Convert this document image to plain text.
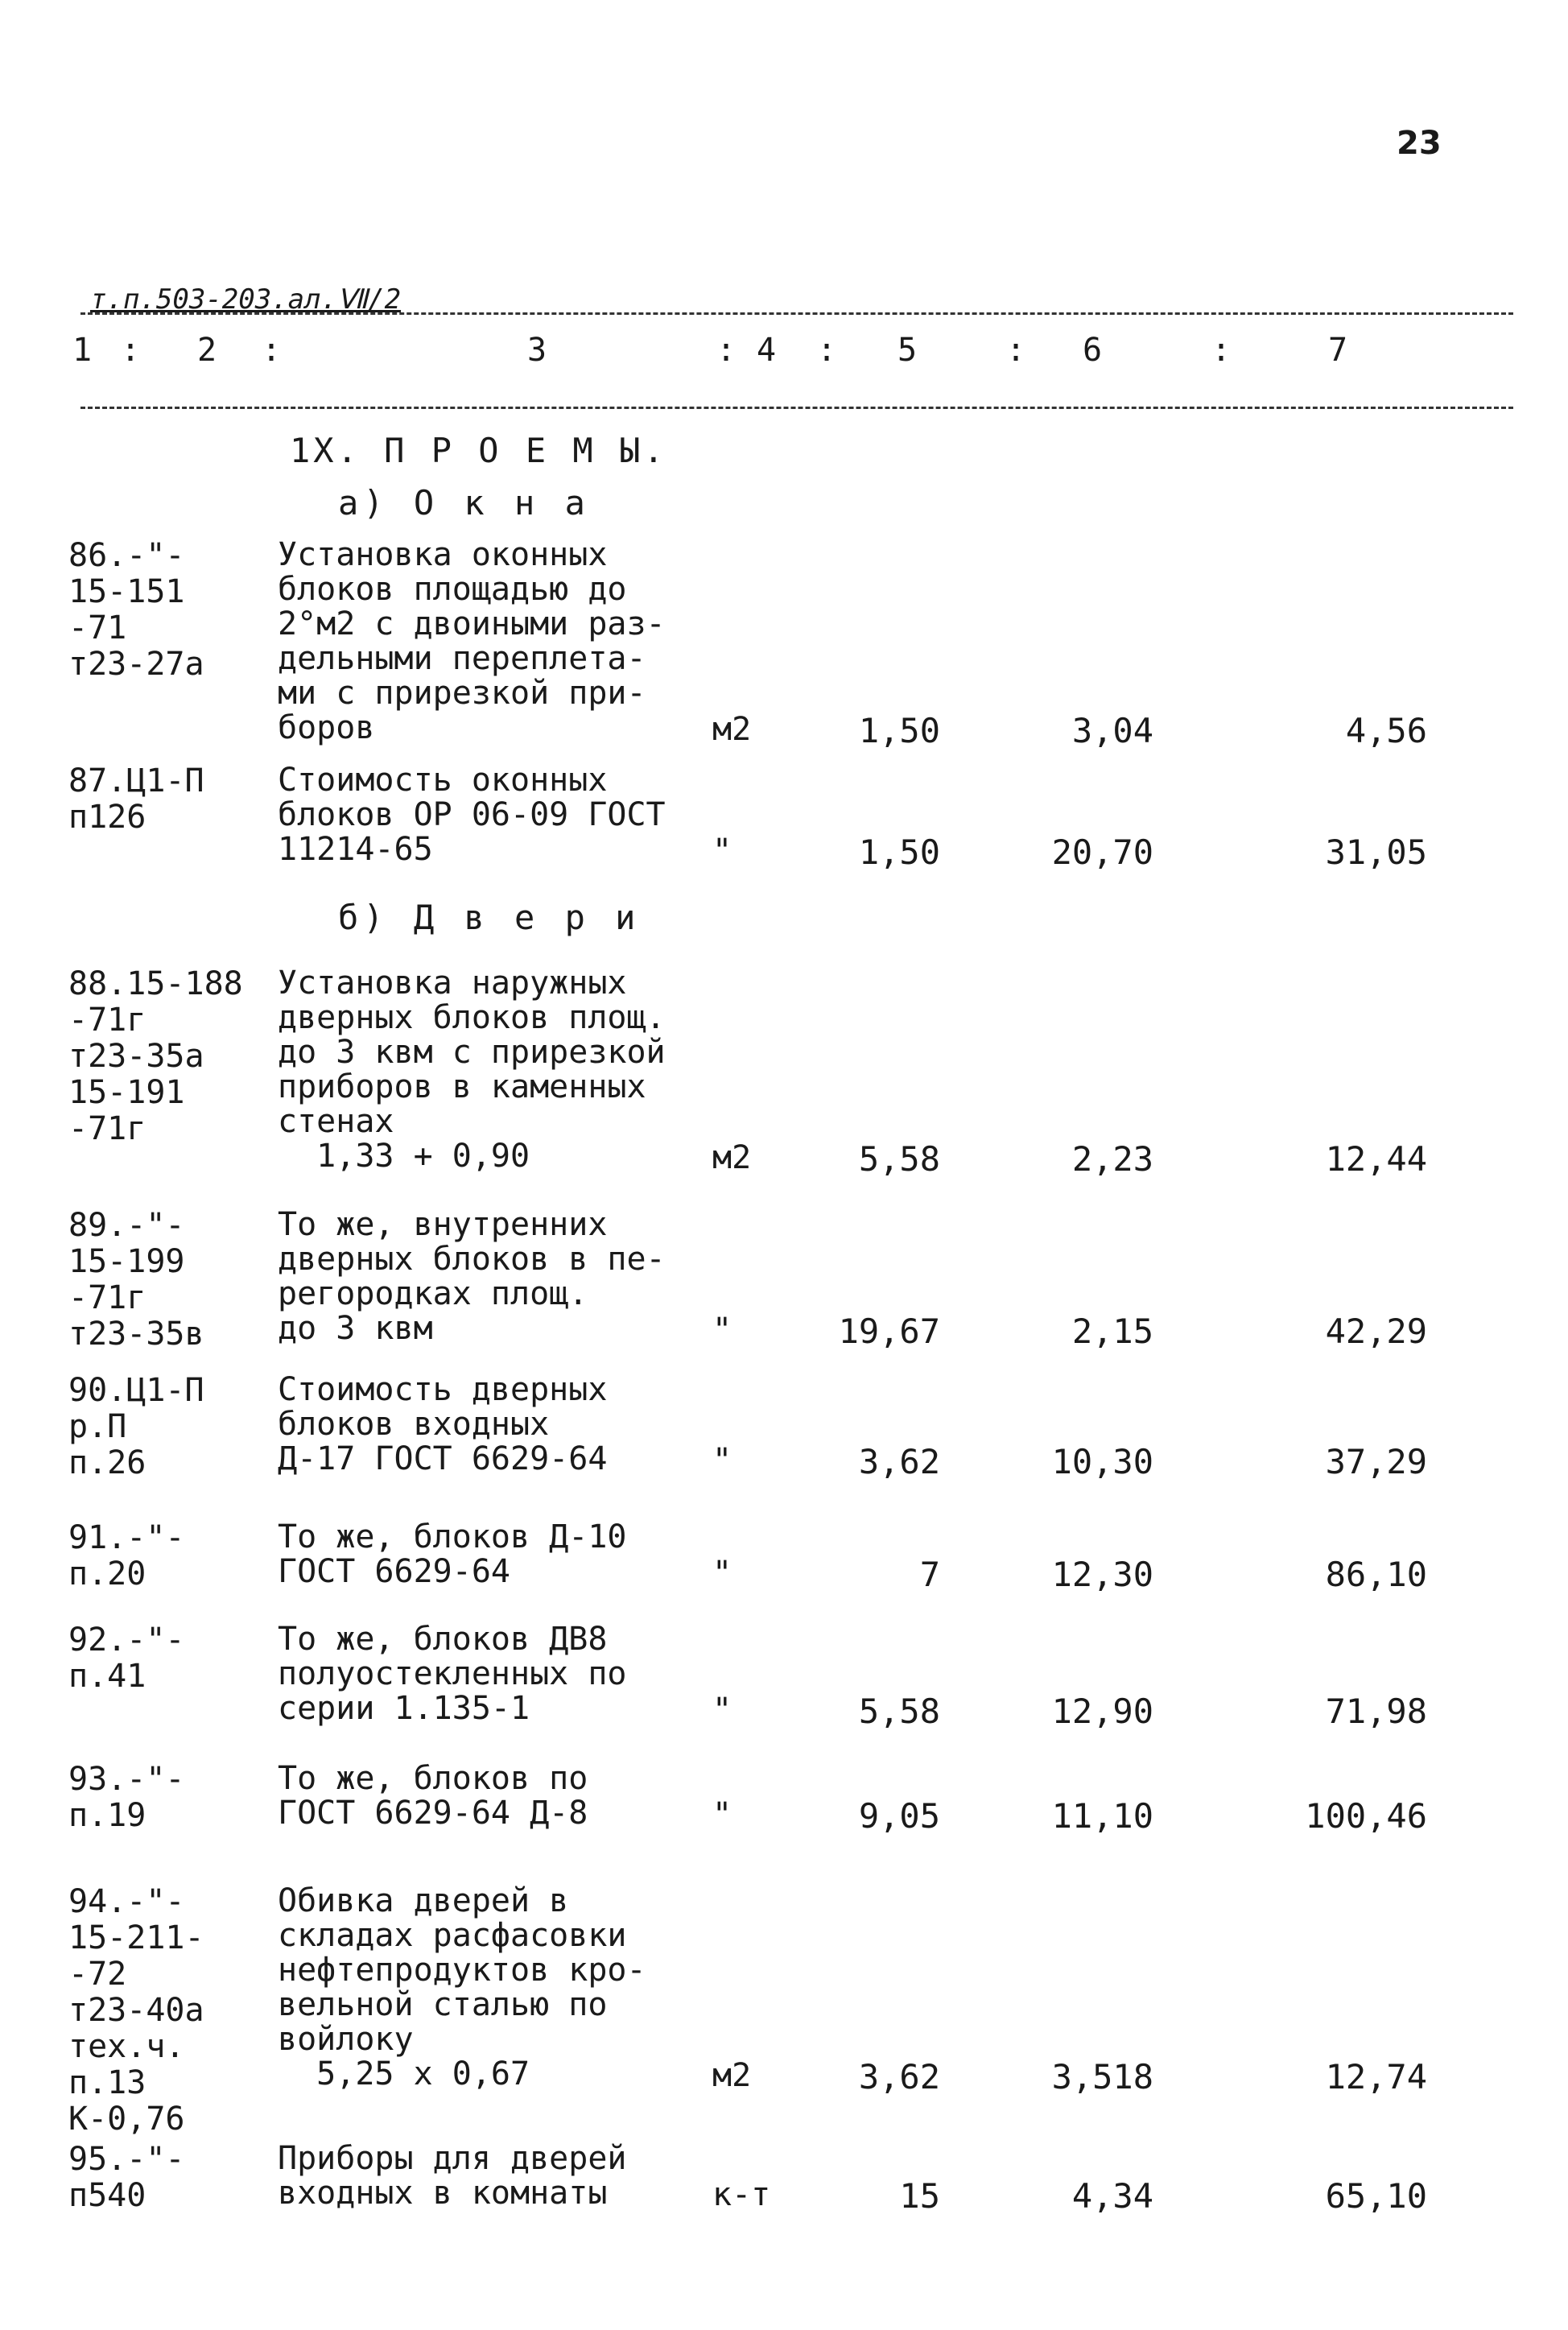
23
т.п.503-203.ал.Ⅶ/2
1 : 2 :	3	: 4 : 5	: 6	:	7
1X. П Р О Е М Ы.
а) О к н а
б) Д в е р и
86.-"-
15-151
-71
т23-27а
Установка оконных
блоков площадью до
2°м2 с двоиными раз-
дельными переплета-
ми с прирезкой при-
боров	м2	1,50	3,04	4,56
87.Ц1-П
п126
Стоимость оконных
блоков ОР 06-09 ГОСТ
11214-65	"	1,50	20,70	31,05
88.15-188
-71г
т23-35а
15-191
-71г
Установка наружных
дверных блоков площ.
до 3 квм с прирезкой
приборов в каменных
стенах
1,33 + 0,90	м2	5,58	2,23	12,44
89.-"-
15-199
-71г
т23-35в
То же, внутренних
дверных блоков в пе-
регородках площ.
до 3 квм	"	19,67	2,15	42,29
90.Ц1-П
р.П
п.26
Стоимость дверных
блоков входных
Д-17 ГОСТ 6629-64	"	3,62	10,30	37,29
91.-"-
п.20
То же, блоков Д-10
ГОСТ 6629-64	"	7	12,30	86,10
92.-"-
п.41
То же, блоков ДВ8
полуостекленных по
серии 1.135-1	"	5,58	12,90	71,98
93.-"-
п.19
То же, блоков по
ГОСТ 6629-64 Д-8	"	9,05	11,10	100,46
94.-"-
15-211-
-72
т23-40а
тех.ч.
п.13
К-0,76
Обивка дверей в
складах расфасовки
нефтепродуктов кро-
вельной сталью по
войлоку
5,25 х 0,67	м2	3,62	3,518	12,74
95.-"-
п540
Приборы для дверей
входных в комнаты	к-т	15	4,34	65,10
